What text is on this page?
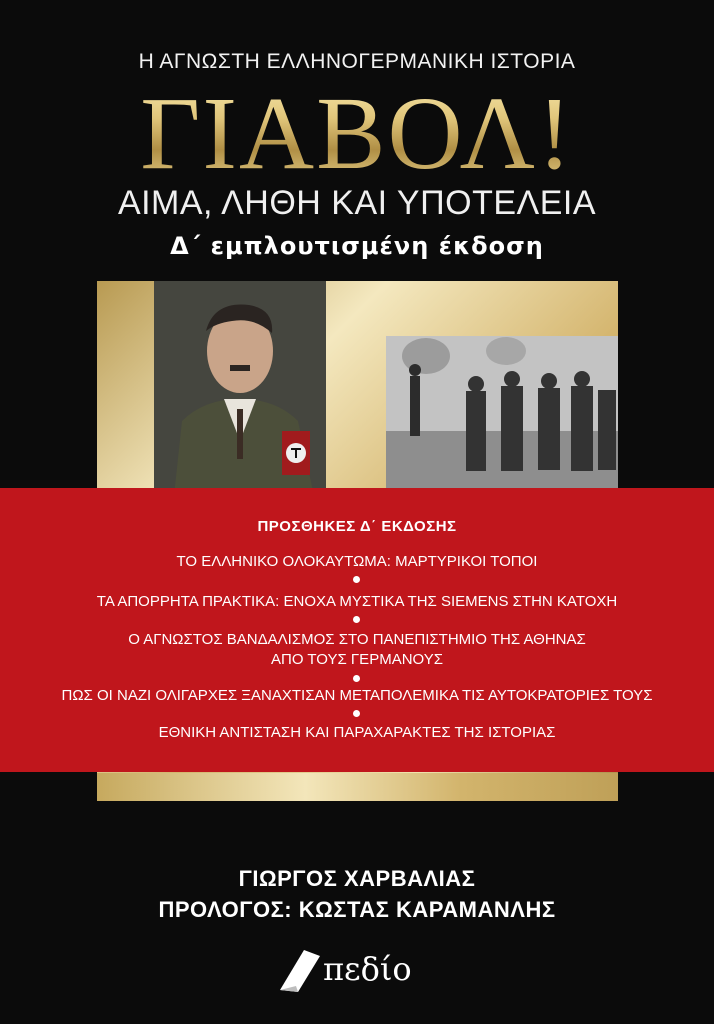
Η ΑΓΝΩΣΤΗ ΕΛΛΗΝΟΓΕΡΜΑΝΙΚΗ ΙΣΤΟΡΙΑ
ΓΙΑΒΟΛ!
ΑΙΜΑ, ΛΗΘΗ ΚΑΙ ΥΠΟΤΕΛΕΙΑ
Δ΄ εμπλουτισμένη έκδοση
ΠΡΟΣΘΗΚΕΣ Δ΄ ΕΚΔΟΣΗΣ
ΤΟ ΕΛΛΗΝΙΚΟ ΟΛΟΚΑΥΤΩΜΑ: ΜΑΡΤΥΡΙΚΟΙ ΤΟΠΟΙ
ΤΑ ΑΠΟΡΡΗΤΑ ΠΡΑΚΤΙΚΑ: ΕΝΟΧΑ ΜΥΣΤΙΚΑ ΤΗΣ SIEMENS ΣΤΗΝ ΚΑΤΟΧΗ
Ο ΑΓΝΩΣΤΟΣ ΒΑΝΔΑΛΙΣΜΟΣ ΣΤΟ ΠΑΝΕΠΙΣΤΗΜΙΟ ΤΗΣ ΑΘΗΝΑΣ
ΑΠΟ ΤΟΥΣ ΓΕΡΜΑΝΟΥΣ
ΠΩΣ ΟΙ ΝΑΖΙ ΟΛΙΓΑΡΧΕΣ ΞΑΝΑΧΤΙΣΑΝ ΜΕΤΑΠΟΛΕΜΙΚΑ ΤΙΣ ΑΥΤΟΚΡΑΤΟΡΙΕΣ ΤΟΥΣ
ΕΘΝΙΚΗ ΑΝΤΙΣΤΑΣΗ ΚΑΙ ΠΑΡΑΧΑΡΑΚΤΕΣ ΤΗΣ ΙΣΤΟΡΙΑΣ
ΓΙΩΡΓΟΣ ΧΑΡΒΑΛΙΑΣ
ΠΡΟΛΟΓΟΣ: ΚΩΣΤΑΣ ΚΑΡΑΜΑΝΛΗΣ
πεδίο
